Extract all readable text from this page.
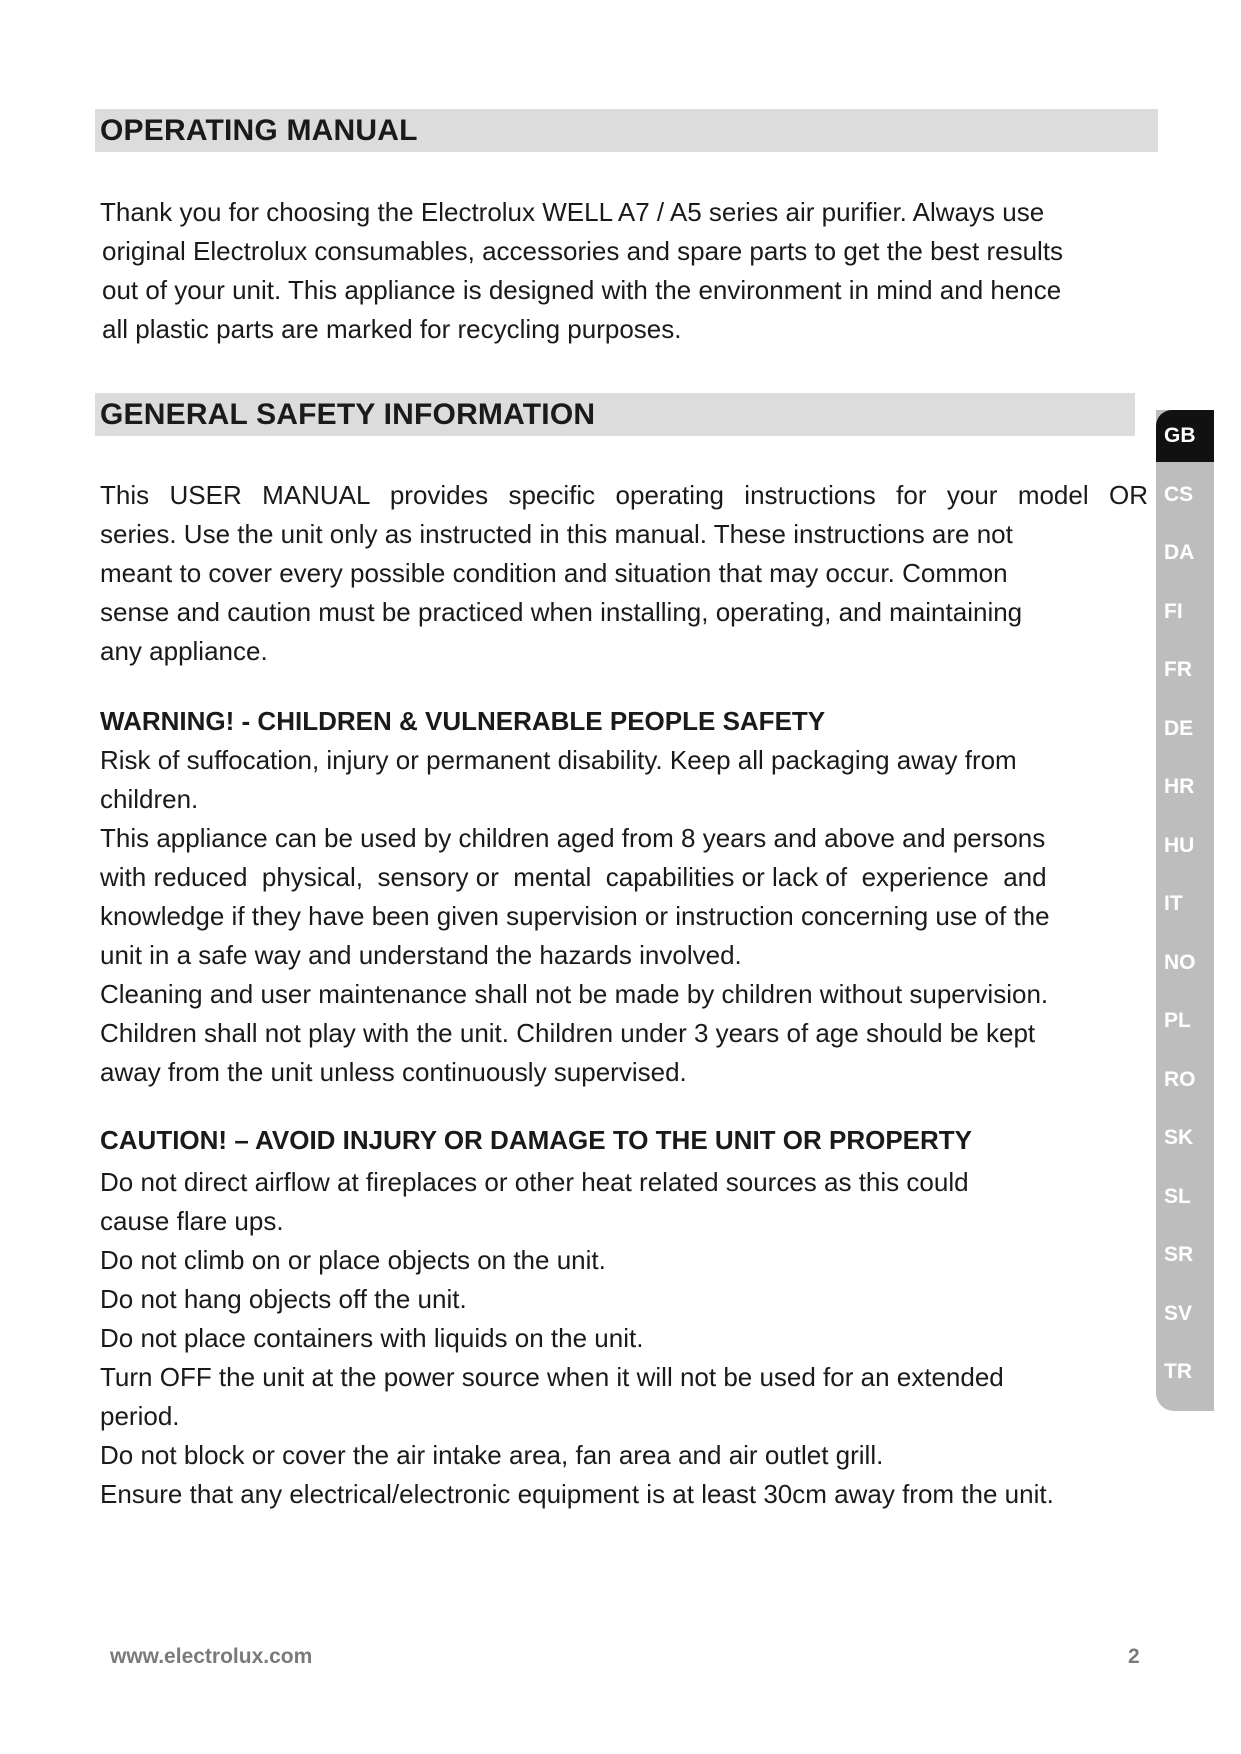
OPERATING MANUAL

Thank you for choosing the Electrolux WELL A7 / A5 series air purifier. Always use
original Electrolux consumables, accessories and spare parts to get the best results
out of your unit. This appliance is designed with the environment in mind and hence
all plastic parts are marked for recycling purposes.

GENERAL SAFETY INFORMATION

This USER MANUAL provides specific operating instructions for your model OR
series. Use the unit only as instructed in this manual. These instructions are not
meant to cover every possible condition and situation that may occur. Common
sense and caution must be practiced when installing, operating, and maintaining
any appliance.

WARNING! - CHILDREN & VULNERABLE PEOPLE SAFETY

Risk of suffocation, injury or permanent disability. Keep all packaging away from
children.
This appliance can be used by children aged from 8 years and above and persons
with reduced  physical,  sensory or  mental  capabilities or lack of  experience  and
knowledge if they have been given supervision or instruction concerning use of the
unit in a safe way and understand the hazards involved.
Cleaning and user maintenance shall not be made by children without supervision.
Children shall not play with the unit. Children under 3 years of age should be kept
away from the unit unless continuously supervised.

CAUTION! – AVOID INJURY OR DAMAGE TO THE UNIT OR PROPERTY

Do not direct airflow at fireplaces or other heat related sources as this could
cause flare ups.
Do not climb on or place objects on the unit.
Do not hang objects off the unit.
Do not place containers with liquids on the unit.
Turn OFF the unit at the power source when it will not be used for an extended
period.
Do not block or cover the air intake area, fan area and air outlet grill.
Ensure that any electrical/electronic equipment is at least 30cm away from the unit.

GB
CS
DA
FI
FR
DE
HR
HU
IT
NO
PL
RO
SK
SL
SR
SV
TR
www.electrolux.com	2
